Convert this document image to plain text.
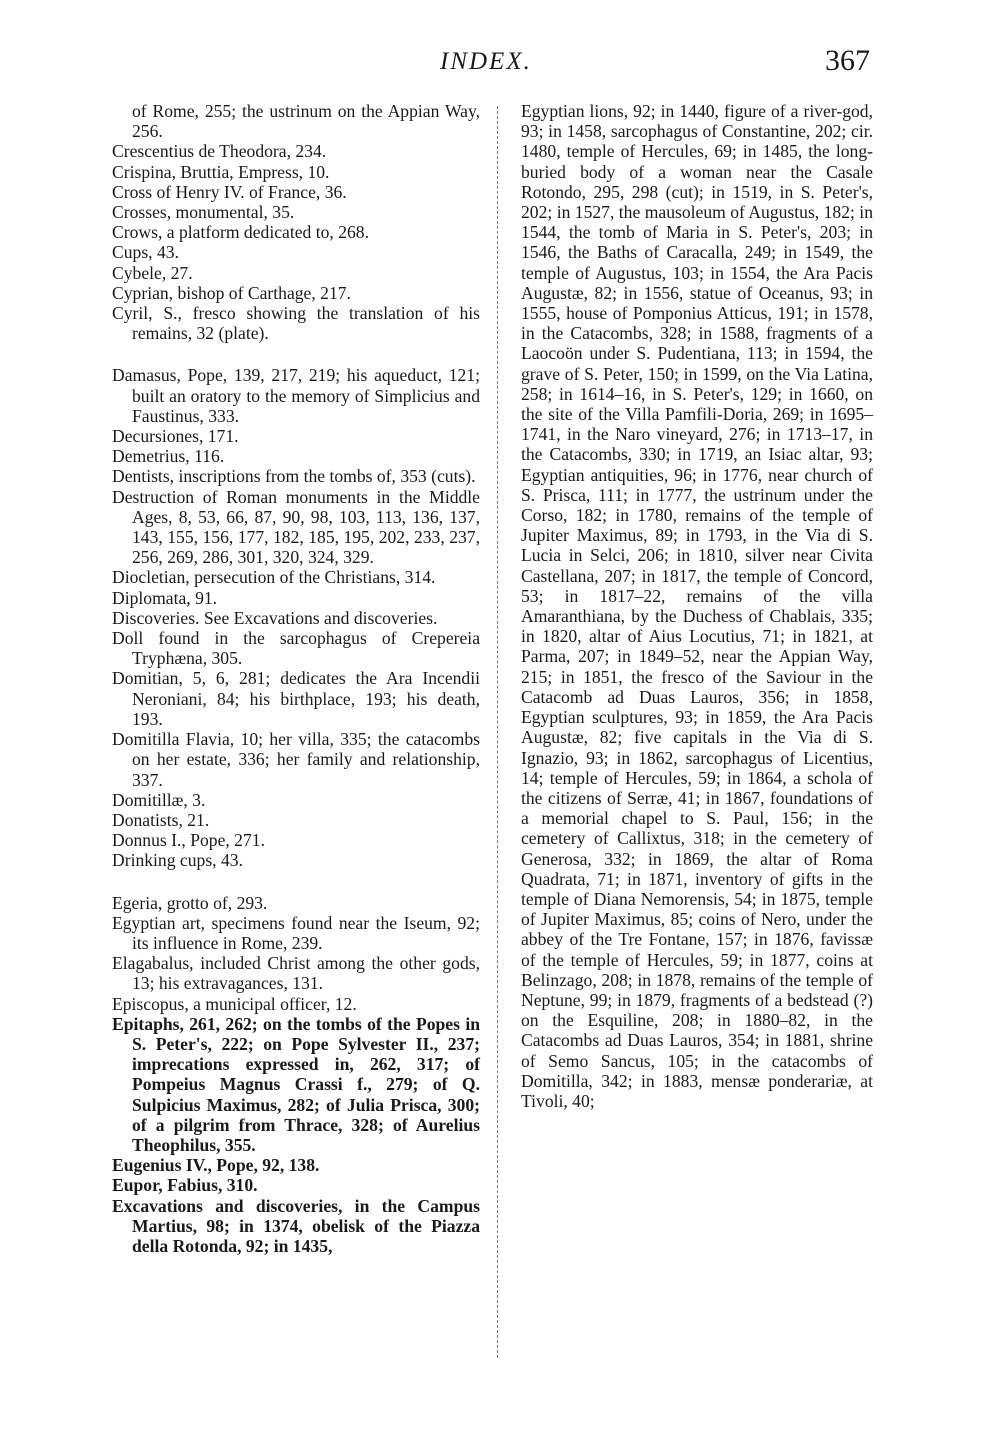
INDEX.	367

of Rome, 255; the ustrinum on the Appian Way, 256.

Crescentius de Theodora, 234.

Crispina, Bruttia, Empress, 10.

Cross of Henry IV. of France, 36.

Crosses, monumental, 35.

Crows, a platform dedicated to, 268.

Cups, 43.

Cybele, 27.

Cyprian, bishop of Carthage, 217.

Cyril, S., fresco showing the translation of his remains, 32 (plate).

Damasus, Pope, 139, 217, 219; his aqueduct, 121; built an oratory to the memory of Simplicius and Faustinus, 333.

Decursiones, 171.

Demetrius, 116.

Dentists, inscriptions from the tombs of, 353 (cuts).

Destruction of Roman monuments in the Middle Ages, 8, 53, 66, 87, 90, 98, 103, 113, 136, 137, 143, 155, 156, 177, 182, 185, 195, 202, 233, 237, 256, 269, 286, 301, 320, 324, 329.

Diocletian, persecution of the Christians, 314.

Diplomata, 91.

Discoveries. See Excavations and discoveries.

Doll found in the sarcophagus of Crepereia Tryphæna, 305.

Domitian, 5, 6, 281; dedicates the Ara Incendii Neroniani, 84; his birthplace, 193; his death, 193.

Domitilla Flavia, 10; her villa, 335; the catacombs on her estate, 336; her family and relationship, 337.

Domitillæ, 3.

Donatists, 21.

Donnus I., Pope, 271.

Drinking cups, 43.

Egeria, grotto of, 293.

Egyptian art, specimens found near the Iseum, 92; its influence in Rome, 239.

Elagabalus, included Christ among the other gods, 13; his extravagances, 131.

Episcopus, a municipal officer, 12.

Epitaphs, 261, 262; on the tombs of the Popes in S. Peter's, 222; on Pope Sylvester II., 237; imprecations expressed in, 262, 317; of Pompeius Magnus Crassi f., 279; of Q. Sulpicius Maximus, 282; of Julia Prisca, 300; of a pilgrim from Thrace, 328; of Aurelius Theophilus, 355.

Eugenius IV., Pope, 92, 138.

Eupor, Fabius, 310.

Excavations and discoveries, in the Campus Martius, 98; in 1374, obelisk of the Piazza della Rotonda, 92; in 1435,

Egyptian lions, 92; in 1440, figure of a river-god, 93; in 1458, sarcophagus of Constantine, 202; cir. 1480, temple of Hercules, 69; in 1485, the long-buried body of a woman near the Casale Rotondo, 295, 298 (cut); in 1519, in S. Peter's, 202; in 1527, the mausoleum of Augustus, 182; in 1544, the tomb of Maria in S. Peter's, 203; in 1546, the Baths of Caracalla, 249; in 1549, the temple of Augustus, 103; in 1554, the Ara Pacis Augustæ, 82; in 1556, statue of Oceanus, 93; in 1555, house of Pomponius Atticus, 191; in 1578, in the Catacombs, 328; in 1588, fragments of a Laocoön under S. Pudentiana, 113; in 1594, the grave of S. Peter, 150; in 1599, on the Via Latina, 258; in 1614–16, in S. Peter's, 129; in 1660, on the site of the Villa Pamfili-Doria, 269; in 1695–1741, in the Naro vineyard, 276; in 1713–17, in the Catacombs, 330; in 1719, an Isiac altar, 93; Egyptian antiquities, 96; in 1776, near church of S. Prisca, 111; in 1777, the ustrinum under the Corso, 182; in 1780, remains of the temple of Jupiter Maximus, 89; in 1793, in the Via di S. Lucia in Selci, 206; in 1810, silver near Civita Castellana, 207; in 1817, the temple of Concord, 53; in 1817–22, remains of the villa Amaranthiana, by the Duchess of Chablais, 335; in 1820, altar of Aius Locutius, 71; in 1821, at Parma, 207; in 1849–52, near the Appian Way, 215; in 1851, the fresco of the Saviour in the Catacomb ad Duas Lauros, 356; in 1858, Egyptian sculptures, 93; in 1859, the Ara Pacis Augustæ, 82; five capitals in the Via di S. Ignazio, 93; in 1862, sarcophagus of Licentius, 14; temple of Hercules, 59; in 1864, a schola of the citizens of Serræ, 41; in 1867, foundations of a memorial chapel to S. Paul, 156; in the cemetery of Callixtus, 318; in the cemetery of Generosa, 332; in 1869, the altar of Roma Quadrata, 71; in 1871, inventory of gifts in the temple of Diana Nemorensis, 54; in 1875, temple of Jupiter Maximus, 85; coins of Nero, under the abbey of the Tre Fontane, 157; in 1876, favissæ of the temple of Hercules, 59; in 1877, coins at Belinzago, 208; in 1878, remains of the temple of Neptune, 99; in 1879, fragments of a bedstead (?) on the Esquiline, 208; in 1880–82, in the Catacombs ad Duas Lauros, 354; in 1881, shrine of Semo Sancus, 105; in the catacombs of Domitilla, 342; in 1883, mensæ ponderariæ, at Tivoli, 40;
